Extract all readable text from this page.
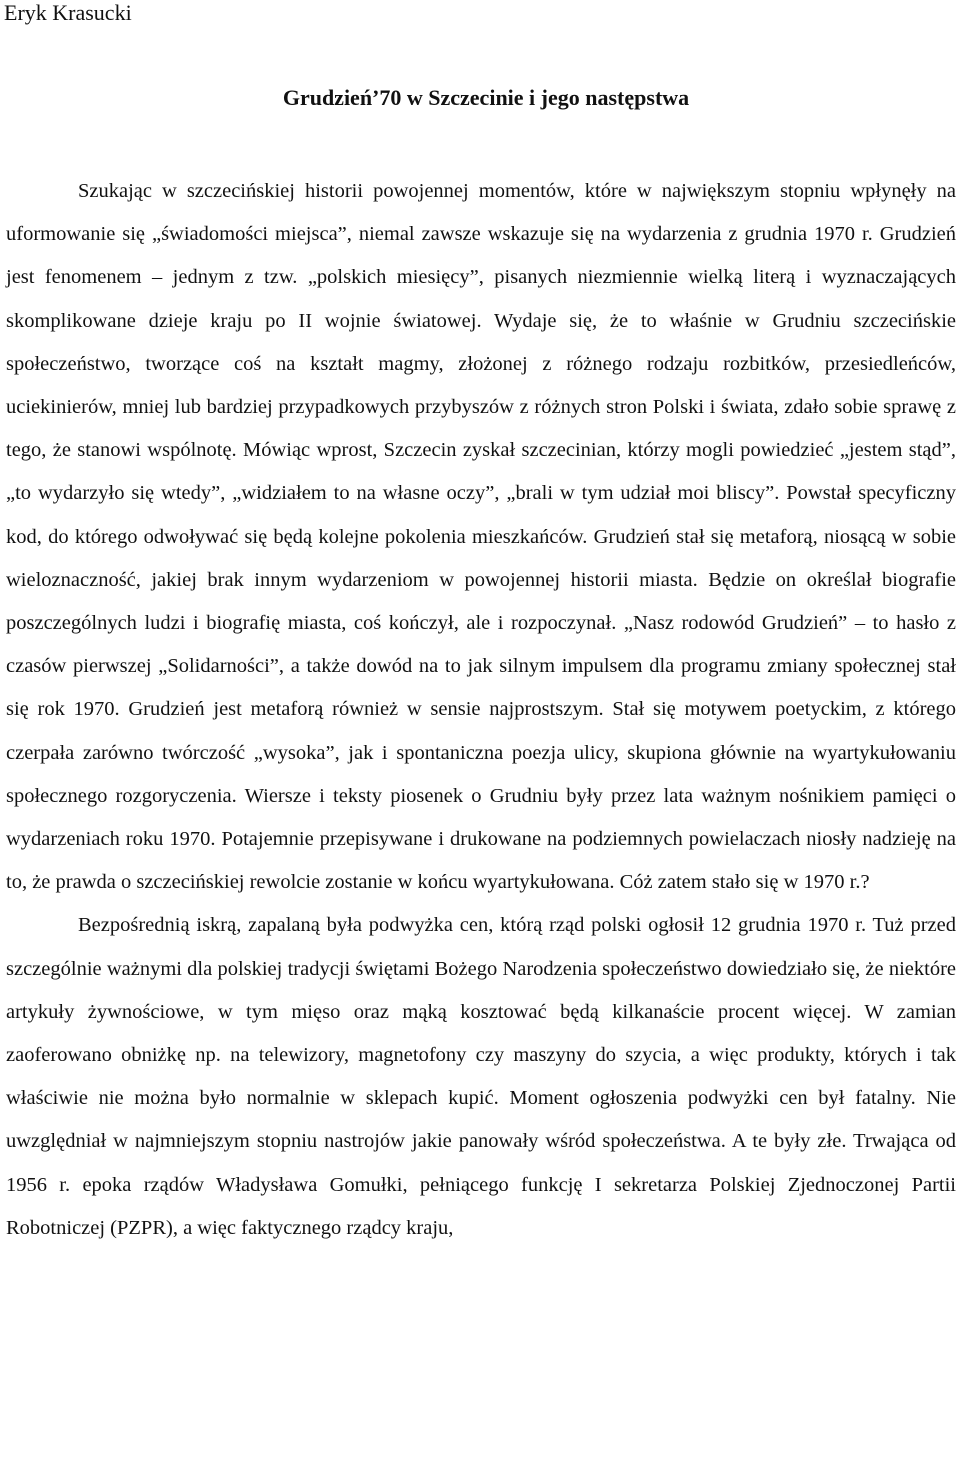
Eryk Krasucki

Grudzień’70 w Szczecinie i jego następstwa

Szukając w szczecińskiej historii powojennej momentów, które w największym stopniu wpłynęły na uformowanie się „świadomości miejsca”, niemal zawsze wskazuje się na wydarzenia z grudnia 1970 r. Grudzień jest fenomenem – jednym z tzw. „polskich miesięcy”, pisanych niezmiennie wielką literą i wyznaczających skomplikowane dzieje kraju po II wojnie światowej. Wydaje się, że to właśnie w Grudniu szczecińskie społeczeństwo, tworzące coś na kształt magmy, złożonej z różnego rodzaju rozbitków, przesiedleńców, uciekinierów, mniej lub bardziej przypadkowych przybyszów z różnych stron Polski i świata, zdało sobie sprawę z tego, że stanowi wspólnotę. Mówiąc wprost, Szczecin zyskał szczecinian, którzy mogli powiedzieć „jestem stąd”, „to wydarzyło się wtedy”, „widziałem to na własne oczy”, „brali w tym udział moi bliscy”. Powstał specyficzny kod, do którego odwoływać się będą kolejne pokolenia mieszkańców. Grudzień stał się metaforą, niosącą w sobie wieloznaczność, jakiej brak innym wydarzeniom w powojennej historii miasta. Będzie on określał biografie poszczególnych ludzi i biografię miasta, coś kończył, ale i rozpoczynał. „Nasz rodowód Grudzień” – to hasło z czasów pierwszej „Solidarności”, a także dowód na to jak silnym impulsem dla programu zmiany społecznej stał się rok 1970. Grudzień jest metaforą również w sensie najprostszym. Stał się motywem poetyckim, z którego czerpała zarówno twórczość „wysoka”, jak i spontaniczna poezja ulicy, skupiona głównie na wyartykułowaniu społecznego rozgoryczenia. Wiersze i teksty piosenek o Grudniu były przez lata ważnym nośnikiem pamięci o wydarzeniach roku 1970. Potajemnie przepisywane i drukowane na podziemnych powielaczach niosły nadzieję na to, że prawda o szczecińskiej rewolcie zostanie w końcu wyartykułowana. Cóż zatem stało się w 1970 r.?

Bezpośrednią iskrą, zapalaną była podwyżka cen, którą rząd polski ogłosił 12 grudnia 1970 r. Tuż przed szczególnie ważnymi dla polskiej tradycji świętami Bożego Narodzenia społeczeństwo dowiedziało się, że niektóre artykuły żywnościowe, w tym mięso oraz mąką kosztować będą kilkanaście procent więcej. W zamian zaoferowano obniżkę np. na telewizory, magnetofony czy maszyny do szycia, a więc produkty, których i tak właściwie nie można było normalnie w sklepach kupić. Moment ogłoszenia podwyżki cen był fatalny. Nie uwzględniał w najmniejszym stopniu nastrojów jakie panowały wśród społeczeństwa. A te były złe. Trwająca od 1956 r. epoka rządów Władysława Gomułki, pełniącego funkcję I sekretarza Polskiej Zjednoczonej Partii Robotniczej (PZPR), a więc faktycznego rządcy kraju,
